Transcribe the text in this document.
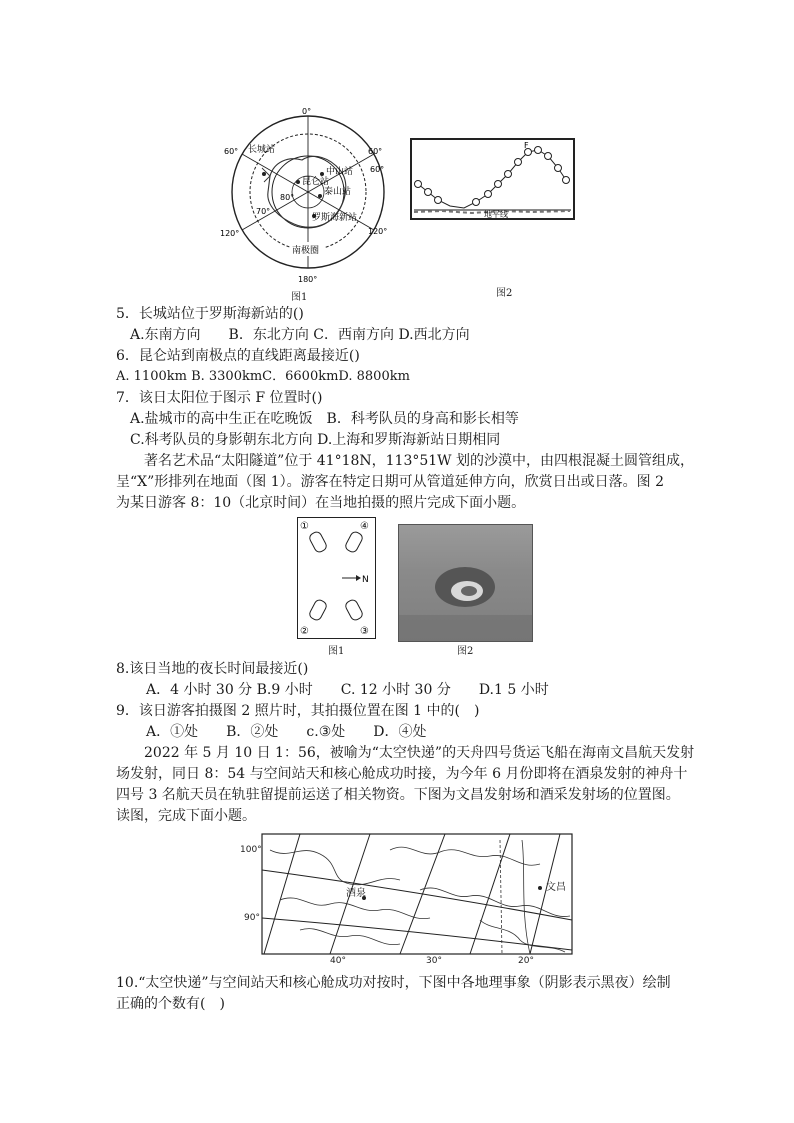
0°
180°
60°	60°
60°
120°	120°
80°
70°
长城站
中山站
昆仑站
泰山站
罗斯海新站
南极圈
图1
F
地平线
图2
5．长城站位于罗斯海新站的()
A.东南方向　　B．东北方向 C．西南方向 D.西北方向
6．昆仑站到南极点的直线距离最接近()
A. 1100km B. 3300kmC．6600kmD. 8800km
7．该日太阳位于图示 F 位置时()
A.盐城市的高中生正在吃晚饭　B．科考队员的身高和影长相等
C.科考队员的身影朝东北方向 D.上海和罗斯海新站日期相同
著名艺术品“太阳隧道”位于 41°18N，113°51W 划的沙漠中，由四根混凝土圆管组成，
呈“X”形排列在地面（图 1）。游客在特定日期可从管道延伸方向，欣赏日出或日落。图 2
为某日游客 8：10（北京时间）在当地拍摄的照片完成下面小题。
N
①	④
②	③
图1	图2
8.该日当地的夜长时间最接近()
A．4 小时 30 分 B.9 小时　　C. 12 小时 30 分　　D.1 5 小时
9．该日游客拍摄图 2 照片时，其拍摄位置在图 1 中的(　)
A．①处　　B．②处　　c.③处　　D．④处
2022 年 5 月 10 日 1：56，被喻为“太空快递”的天舟四号货运飞船在海南文昌航天发射
场发射，同日 8：54 与空间站天和核心舱成功时接，为今年 6 月份即将在酒泉发射的神舟十
四号 3 名航天员在轨驻留提前运送了相关物资。下图为文昌发射场和酒采发射场的位置图。
读图，完成下面小题。
酒泉
文昌
100°
90°
40°	30°	20°
10.“太空快递”与空间站天和核心舱成功对按时，下图中各地理事象（阴影表示黑夜）绘制
正确的个数有(　)
